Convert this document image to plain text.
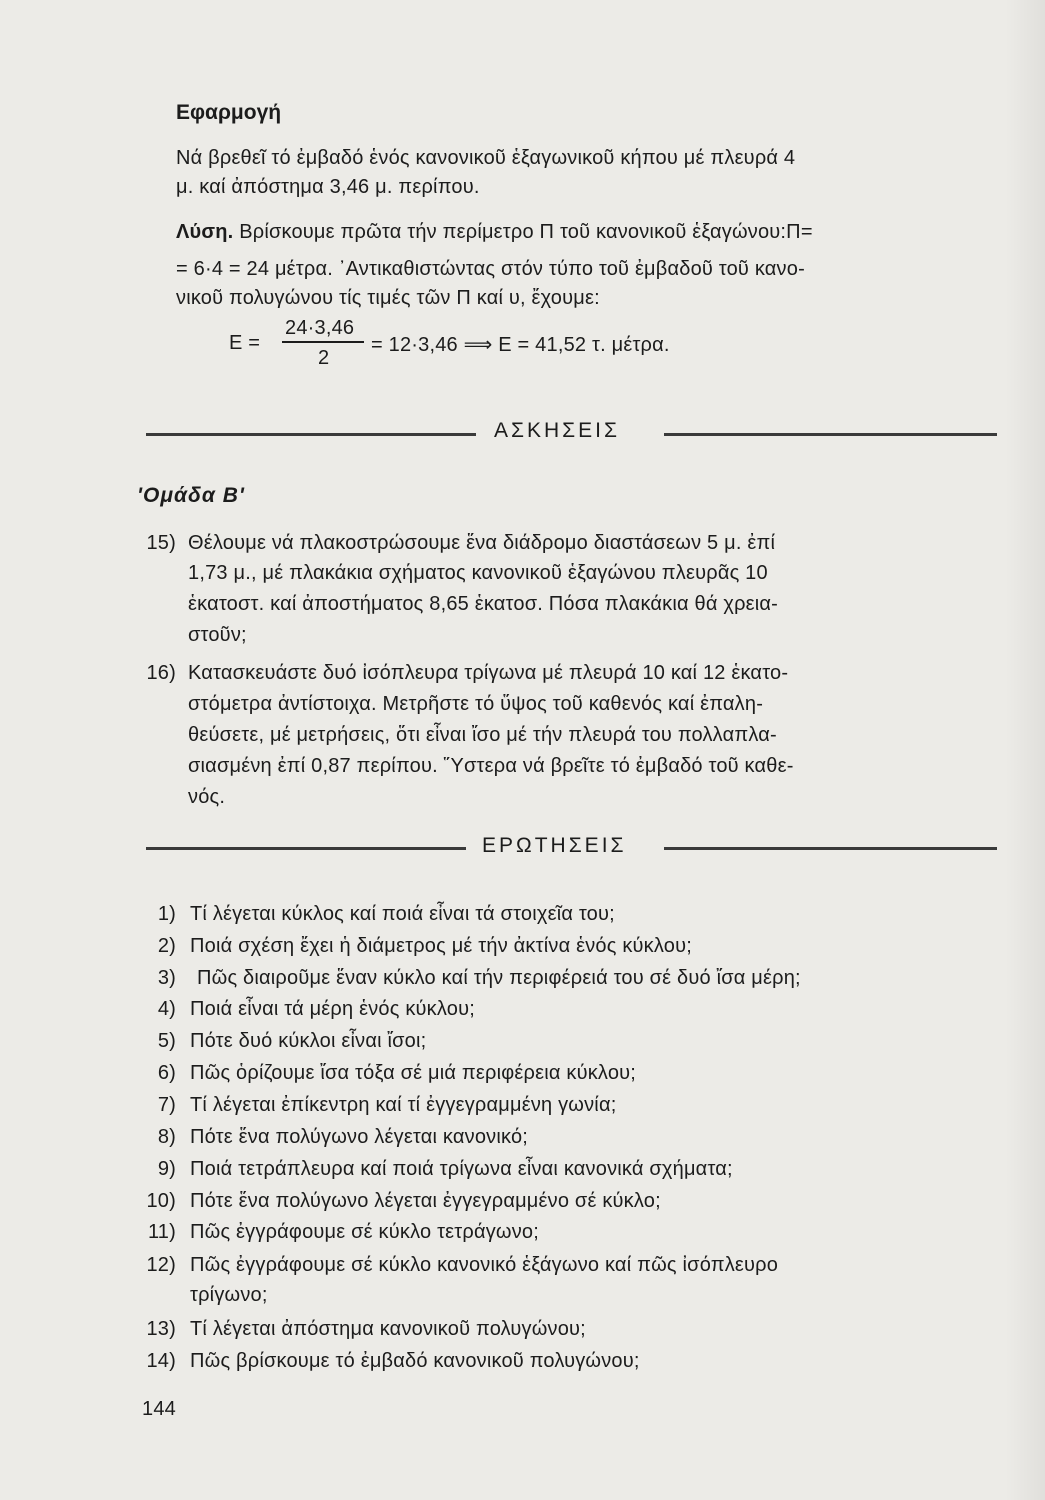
Εφαρμογή
Νά βρεθεῖ τό ἐμβαδό ἑνός κανονικοῦ ἑξαγωνικοῦ κήπου μέ πλευρά 4
μ. καί ἀπόστημα 3,46 μ. περίπου.
Λύση. Βρίσκουμε πρῶτα τήν περίμετρο Π τοῦ κανονικοῦ ἑξαγώνου:Π=
= 6·4 = 24 μέτρα. ᾿Αντικαθιστώντας στόν τύπο τοῦ ἐμβαδοῦ τοῦ κανο-
νικοῦ πολυγώνου τίς τιμές τῶν Π καί υ, ἔχουμε:
E =
24·3,46
2
= 12·3,46 ⟹ E = 41,52 τ. μέτρα.
ΑΣΚΗΣΕΙΣ
'Ομάδα Β'
15) Θέλουμε νά πλακοστρώσουμε ἕνα διάδρομο διαστάσεων 5 μ. ἐπί
1,73 μ., μέ πλακάκια σχήματος κανονικοῦ ἑξαγώνου πλευρᾶς 10
ἑκατοστ. καί ἀποστήματος 8,65 ἑκατοσ. Πόσα πλακάκια θά χρεια-
στοῦν;
16) Κατασκευάστε δυό ἰσόπλευρα τρίγωνα μέ πλευρά 10 καί 12 ἑκατο-
στόμετρα ἀντίστοιχα. Μετρῆστε τό ὕψος τοῦ καθενός καί ἐπαλη-
θεύσετε, μέ μετρήσεις, ὅτι εἶναι ἴσο μέ τήν πλευρά του πολλαπλα-
σιασμένη ἐπί 0,87 περίπου. Ὕστερα νά βρεῖτε τό ἐμβαδό τοῦ καθε-
νός.
ΕΡΩΤΗΣΕΙΣ
1) Τί λέγεται κύκλος καί ποιά εἶναι τά στοιχεῖα του;
2) Ποιά σχέση ἔχει ἡ διάμετρος μέ τήν ἀκτίνα ἑνός κύκλου;
3) Πῶς διαιροῦμε ἕναν κύκλο καί τήν περιφέρειά του σέ δυό ἴσα μέρη;
4) Ποιά εἶναι τά μέρη ἑνός κύκλου;
5) Πότε δυό κύκλοι εἶναι ἴσοι;
6) Πῶς ὁρίζουμε ἴσα τόξα σέ μιά περιφέρεια κύκλου;
7) Τί λέγεται ἐπίκεντρη καί τί ἐγγεγραμμένη γωνία;
8) Πότε ἕνα πολύγωνο λέγεται κανονικό;
9) Ποιά τετράπλευρα καί ποιά τρίγωνα εἶναι κανονικά σχήματα;
10) Πότε ἕνα πολύγωνο λέγεται ἐγγεγραμμένο σέ κύκλο;
11) Πῶς ἐγγράφουμε σέ κύκλο τετράγωνο;
12) Πῶς ἐγγράφουμε σέ κύκλο κανονικό ἑξάγωνο καί πῶς ἰσόπλευρο
τρίγωνο;
13) Τί λέγεται ἀπόστημα κανονικοῦ πολυγώνου;
14) Πῶς βρίσκουμε τό ἐμβαδό κανονικοῦ πολυγώνου;
144
